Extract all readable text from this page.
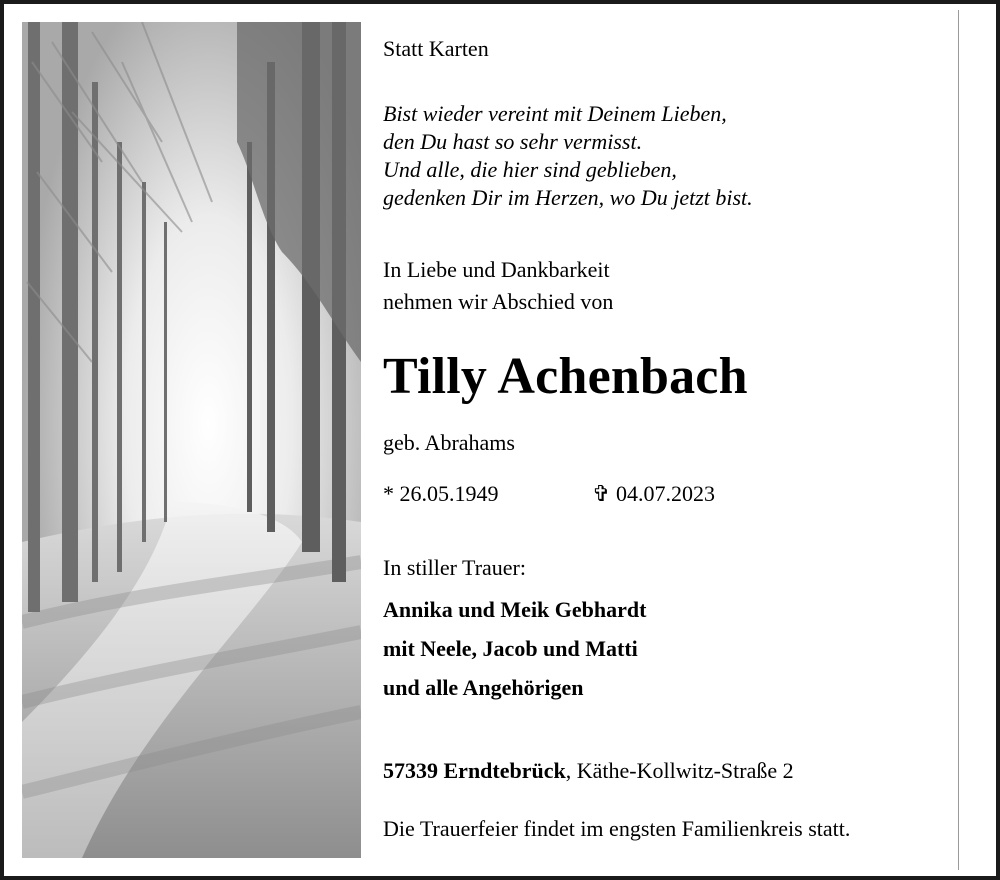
Statt Karten
Bist wieder vereint mit Deinem Lieben,
den Du hast so sehr vermisst.
Und alle, die hier sind geblieben,
gedenken Dir im Herzen, wo Du jetzt bist.
In Liebe und Dankbarkeit
nehmen wir Abschied von
Tilly Achenbach
geb. Abrahams
* 26.05.1949	✞ 04.07.2023
In stiller Trauer:
Annika und Meik Gebhardt
mit Neele, Jacob und Matti
und alle Angehörigen
57339 Erndtebrück, Käthe-Kollwitz-Straße 2
Die Trauerfeier findet im engsten Familienkreis statt.
